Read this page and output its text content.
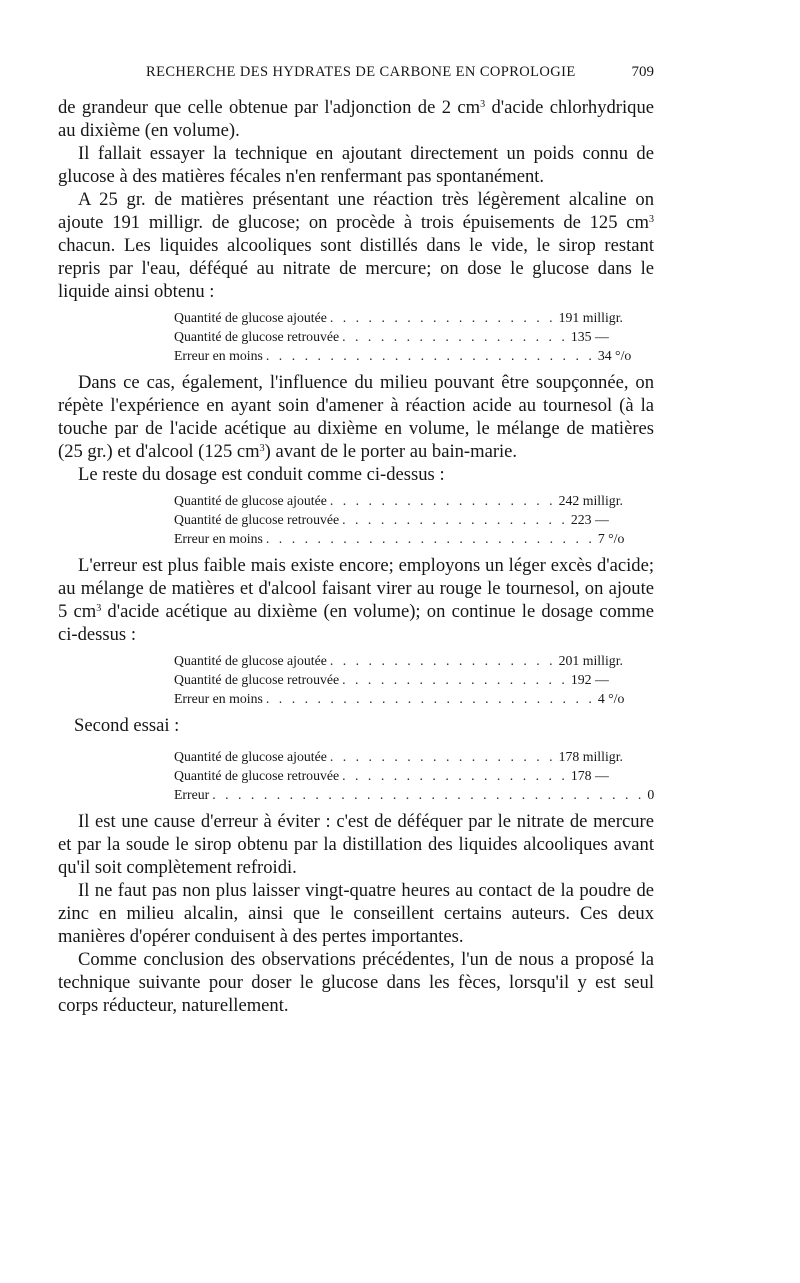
RECHERCHE DES HYDRATES DE CARBONE EN COPROLOGIE	709

de grandeur que celle obtenue par l'adjonction de 2 $cm^3$ d'acide chlorhydrique au dixième (en volume).

Il fallait essayer la technique en ajoutant directement un poids connu de glucose à des matières fécales n'en renfermant pas spontanément.

A 25 gr. de matières présentant une réaction très légèrement alcaline on ajoute 191 milligr. de glucose; on procède à trois épuisements de 125 $cm^3$ chacun. Les liquides alcooliques sont distillés dans le vide, le sirop restant repris par l'eau, déféqué au nitrate de mercure; on dose le glucose dans le liquide ainsi obtenu :

Quantité de glucose ajoutée . . . . . . . . . . . . . . . . . . 191 milligr.
Quantité de glucose retrouvée . . . . . . . . . . . . . . . . . . 135 —
Erreur en moins . . . . . . . . . . . . . . . . . . . . . . . . . . 34 °/o

Dans ce cas, également, l'influence du milieu pouvant être soupçonnée, on répète l'expérience en ayant soin d'amener à réaction acide au tournesol (à la touche par de l'acide acétique au dixième en volume, le mélange de matières (25 gr.) et d'alcool (125 $cm^3$) avant de le porter au bain-marie.

Le reste du dosage est conduit comme ci-dessus :

Quantité de glucose ajoutée . . . . . . . . . . . . . . . . . . 242 milligr.
Quantité de glucose retrouvée . . . . . . . . . . . . . . . . . . 223 —
Erreur en moins . . . . . . . . . . . . . . . . . . . . . . . . . . 7 °/o

L'erreur est plus faible mais existe encore; employons un léger excès d'acide; au mélange de matières et d'alcool faisant virer au rouge le tournesol, on ajoute 5 $cm^3$ d'acide acétique au dixième (en volume); on continue le dosage comme ci-dessus :

Quantité de glucose ajoutée . . . . . . . . . . . . . . . . . . 201 milligr.
Quantité de glucose retrouvée . . . . . . . . . . . . . . . . . . 192 —
Erreur en moins . . . . . . . . . . . . . . . . . . . . . . . . . . 4 °/o

Second essai :

Quantité de glucose ajoutée . . . . . . . . . . . . . . . . . . 178 milligr.
Quantité de glucose retrouvée . . . . . . . . . . . . . . . . . . 178 —
Erreur . . . . . . . . . . . . . . . . . . . . . . . . . . . . . . . . . . 0

Il est une cause d'erreur à éviter : c'est de déféquer par le nitrate de mercure et par la soude le sirop obtenu par la distillation des liquides alcooliques avant qu'il soit complètement refroidi.

Il ne faut pas non plus laisser vingt-quatre heures au contact de la poudre de zinc en milieu alcalin, ainsi que le conseillent certains auteurs. Ces deux manières d'opérer conduisent à des pertes importantes.

Comme conclusion des observations précédentes, l'un de nous a proposé la technique suivante pour doser le glucose dans les fèces, lorsqu'il y est seul corps réducteur, naturellement.
